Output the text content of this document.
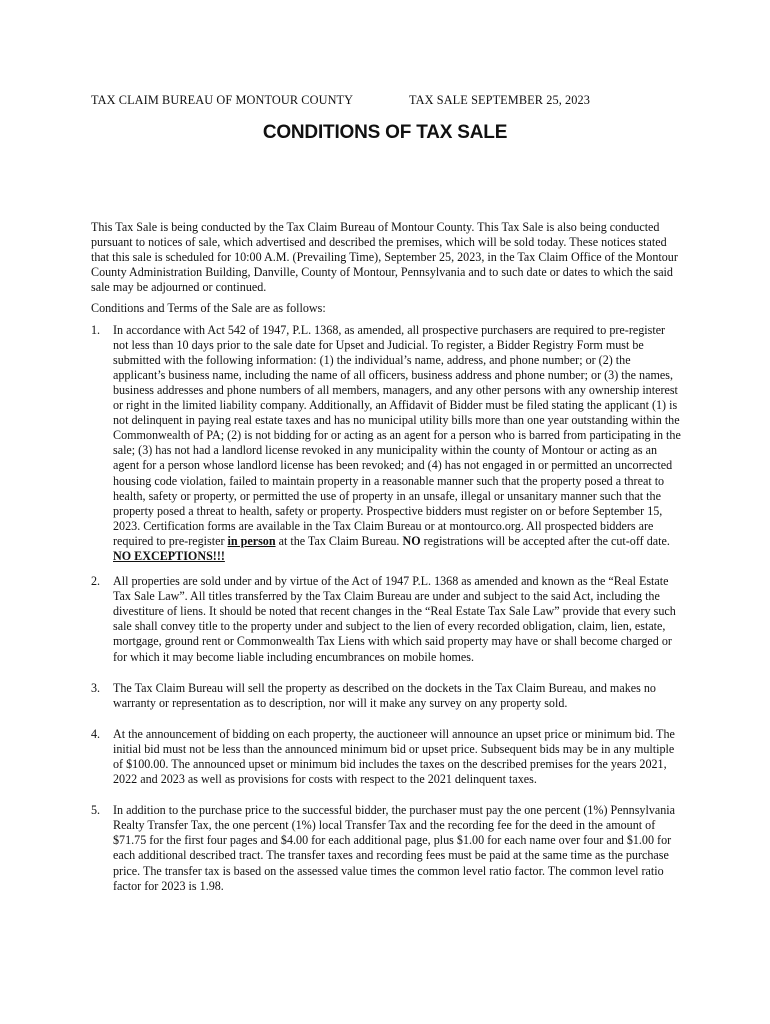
TAX CLAIM BUREAU OF MONTOUR COUNTY	TAX SALE SEPTEMBER 25, 2023
CONDITIONS OF TAX SALE

This Tax Sale is being conducted by the Tax Claim Bureau of Montour County. This Tax Sale is also being conducted pursuant to notices of sale, which advertised and described the premises, which will be sold today. These notices stated that this sale is scheduled for 10:00 A.M. (Prevailing Time), September 25, 2023, in the Tax Claim Office of the Montour County Administration Building, Danville, County of Montour, Pennsylvania and to such date or dates to which the said sale may be adjourned or continued.

Conditions and Terms of the Sale are as follows:

1. In accordance with Act 542 of 1947, P.L. 1368, as amended, all prospective purchasers are required to pre-register not less than 10 days prior to the sale date for Upset and Judicial. To register, a Bidder Registry Form must be submitted with the following information: (1) the individual’s name, address, and phone number; or (2) the applicant’s business name, including the name of all officers, business address and phone number; or (3) the names, business addresses and phone numbers of all members, managers, and any other persons with any ownership interest or right in the limited liability company. Additionally, an Affidavit of Bidder must be filed stating the applicant (1) is not delinquent in paying real estate taxes and has no municipal utility bills more than one year outstanding within the Commonwealth of PA; (2) is not bidding for or acting as an agent for a person who is barred from participating in the sale; (3) has not had a landlord license revoked in any municipality within the county of Montour or acting as an agent for a person whose landlord license has been revoked; and (4) has not engaged in or permitted an uncorrected housing code violation, failed to maintain property in a reasonable manner such that the property posed a threat to health, safety or property, or permitted the use of property in an unsafe, illegal or unsanitary manner such that the property posed a threat to health, safety or property. Prospective bidders must register on or before September 15, 2023. Certification forms are available in the Tax Claim Bureau or at montourco.org. All prospected bidders are required to pre-register in person at the Tax Claim Bureau. NO registrations will be accepted after the cut-off date. NO EXCEPTIONS!!!
2. All properties are sold under and by virtue of the Act of 1947 P.L. 1368 as amended and known as the “Real Estate Tax Sale Law”. All titles transferred by the Tax Claim Bureau are under and subject to the said Act, including the divestiture of liens. It should be noted that recent changes in the “Real Estate Tax Sale Law” provide that every such sale shall convey title to the property under and subject to the lien of every recorded obligation, claim, lien, estate, mortgage, ground rent or Commonwealth Tax Liens with which said property may have or shall become charged or for which it may become liable including encumbrances on mobile homes.
3. The Tax Claim Bureau will sell the property as described on the dockets in the Tax Claim Bureau, and makes no warranty or representation as to description, nor will it make any survey on any property sold.
4. At the announcement of bidding on each property, the auctioneer will announce an upset price or minimum bid. The initial bid must not be less than the announced minimum bid or upset price. Subsequent bids may be in any multiple of $100.00. The announced upset or minimum bid includes the taxes on the described premises for the years 2021, 2022 and 2023 as well as provisions for costs with respect to the 2021 delinquent taxes.
5. In addition to the purchase price to the successful bidder, the purchaser must pay the one percent (1%) Pennsylvania Realty Transfer Tax, the one percent (1%) local Transfer Tax and the recording fee for the deed in the amount of $71.75 for the first four pages and $4.00 for each additional page, plus $1.00 for each name over four and $1.00 for each additional described tract. The transfer taxes and recording fees must be paid at the same time as the purchase price. The transfer tax is based on the assessed value times the common level ratio factor. The common level ratio factor for 2023 is 1.98.
